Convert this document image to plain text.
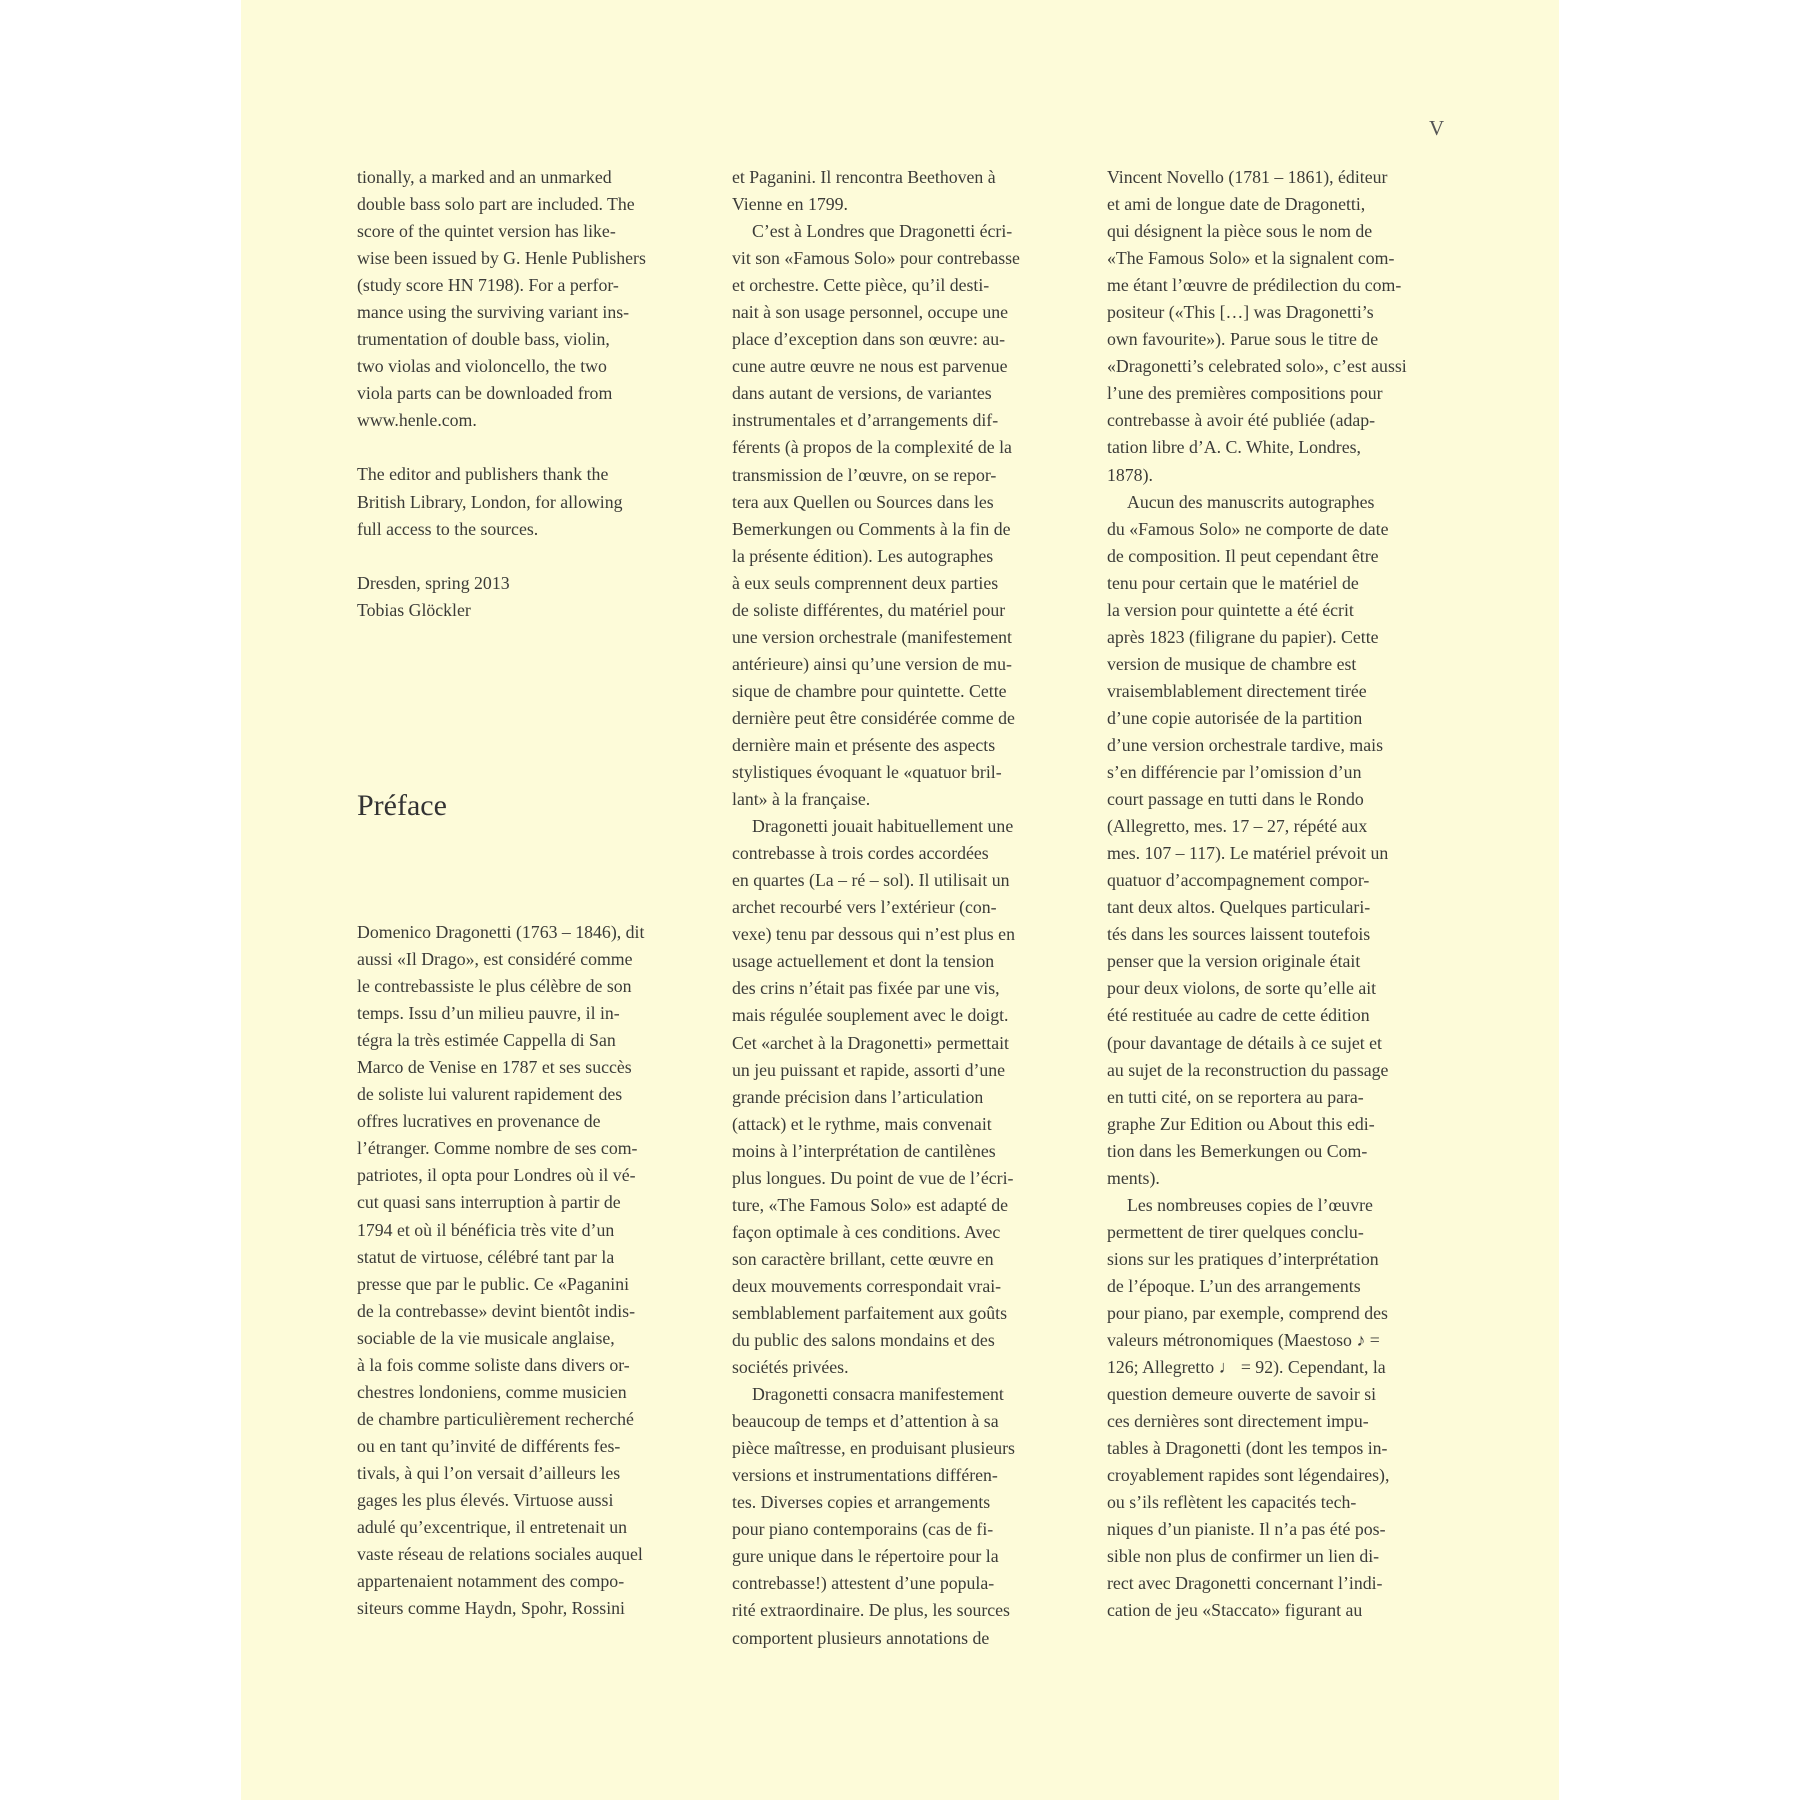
V

tionally, a marked and an unmarked

double bass solo part are included. The

score of the quintet version has like-

wise been issued by G. Henle Publishers

(study score HN 7198). For a perfor-

mance using the surviving variant ins-

trumentation of double bass, violin,

two violas and violoncello, the two

viola parts can be downloaded from

www.henle.com.

The editor and publishers thank the

British Library, London, for allowing

full access to the sources.

Dresden, spring 2013

Tobias Glöckler

Préface

Domenico Dragonetti (1763 – 1846), dit

aussi «Il Drago», est considéré comme

le contrebassiste le plus célèbre de son

temps. Issu d’un milieu pauvre, il in-

tégra la très estimée Cappella di San

Marco de Venise en 1787 et ses succès

de soliste lui valurent rapidement des

offres lucratives en provenance de

l’étranger. Comme nombre de ses com-

patriotes, il opta pour Londres où il vé-

cut quasi sans interruption à partir de

1794 et où il bénéficia très vite d’un

statut de virtuose, célébré tant par la

presse que par le public. Ce «Paganini

de la contrebasse» devint bientôt indis-

sociable de la vie musicale anglaise,

à la fois comme soliste dans divers or-

chestres londoniens, comme musicien

de chambre particulièrement recherché

ou en tant qu’invité de différents fes-

tivals, à qui l’on versait d’ailleurs les

gages les plus élevés. Virtuose aussi

adulé qu’excentrique, il entretenait un

vaste réseau de relations sociales auquel

appartenaient notamment des compo-

siteurs comme Haydn, Spohr, Rossini

et Paganini. Il rencontra Beethoven à

Vienne en 1799.

C’est à Londres que Dragonetti écri-

vit son «Famous Solo» pour contrebasse

et orchestre. Cette pièce, qu’il desti-

nait à son usage personnel, occupe une

place d’exception dans son œuvre: au-

cune autre œuvre ne nous est parvenue

dans autant de versions, de variantes

instrumentales et d’arrangements dif-

férents (à propos de la complexité de la

transmission de l’œuvre, on se repor-

tera aux Quellen ou Sources dans les

Bemerkungen ou Comments à la fin de

la présente édition). Les autographes

à eux seuls comprennent deux parties

de soliste différentes, du matériel pour

une version orchestrale (manifestement

antérieure) ainsi qu’une version de mu-

sique de chambre pour quintette. Cette

dernière peut être considérée comme de

dernière main et présente des aspects

stylistiques évoquant le «quatuor bril-

lant» à la française.

Dragonetti jouait habituellement une

contrebasse à trois cordes accordées

en quartes (La – ré – sol). Il utilisait un

archet recourbé vers l’extérieur (con-

vexe) tenu par dessous qui n’est plus en

usage actuellement et dont la tension

des crins n’était pas fixée par une vis,

mais régulée souplement avec le doigt.

Cet «archet à la Dragonetti» permettait

un jeu puissant et rapide, assorti d’une

grande précision dans l’articulation

(attack) et le rythme, mais convenait

moins à l’interprétation de cantilènes

plus longues. Du point de vue de l’écri-

ture, «The Famous Solo» est adapté de

façon optimale à ces conditions. Avec

son caractère brillant, cette œuvre en

deux mouvements correspondait vrai-

semblablement parfaitement aux goûts

du public des salons mondains et des

sociétés privées.

Dragonetti consacra manifestement

beaucoup de temps et d’attention à sa

pièce maîtresse, en produisant plusieurs

versions et instrumentations différen-

tes. Diverses copies et arrangements

pour piano contemporains (cas de fi-

gure unique dans le répertoire pour la

contrebasse!) attestent d’une popula-

rité extraordinaire. De plus, les sources

comportent plusieurs annotations de

Vincent Novello (1781 – 1861), éditeur

et ami de longue date de Dragonetti,

qui désignent la pièce sous le nom de

«The Famous Solo» et la signalent com-

me étant l’œuvre de prédilection du com-

positeur («This […] was Dragonetti’s

own favourite»). Parue sous le titre de

«Dragonetti’s celebrated solo», c’est aussi

l’une des premières compositions pour

contrebasse à avoir été publiée (adap-

tation libre d’A. C. White, Londres,

1878).

Aucun des manuscrits autographes

du «Famous Solo» ne comporte de date

de composition. Il peut cependant être

tenu pour certain que le matériel de

la version pour quintette a été écrit

après 1823 (filigrane du papier). Cette

version de musique de chambre est

vraisemblablement directement tirée

d’une copie autorisée de la partition

d’une version orchestrale tardive, mais

s’en différencie par l’omission d’un

court passage en tutti dans le Rondo

(Allegretto, mes. 17 – 27, répété aux

mes. 107 – 117). Le matériel prévoit un

quatuor d’accompagnement compor-

tant deux altos. Quelques particulari-

tés dans les sources laissent toutefois

penser que la version originale était

pour deux violons, de sorte qu’elle ait

été restituée au cadre de cette édition

(pour davantage de détails à ce sujet et

au sujet de la reconstruction du passage

en tutti cité, on se reportera au para-

graphe Zur Edition ou About this edi-

tion dans les Bemerkungen ou Com-

ments).

Les nombreuses copies de l’œuvre

permettent de tirer quelques conclu-

sions sur les pratiques d’interprétation

de l’époque. L’un des arrangements

pour piano, par exemple, comprend des

valeurs métronomiques (Maestoso ♪ =

126; Allegretto ♩ = 92). Cependant, la

question demeure ouverte de savoir si

ces dernières sont directement impu-

tables à Dragonetti (dont les tempos in-

croyablement rapides sont légendaires),

ou s’ils reflètent les capacités tech-

niques d’un pianiste. Il n’a pas été pos-

sible non plus de confirmer un lien di-

rect avec Dragonetti concernant l’indi-

cation de jeu «Staccato» figurant au
